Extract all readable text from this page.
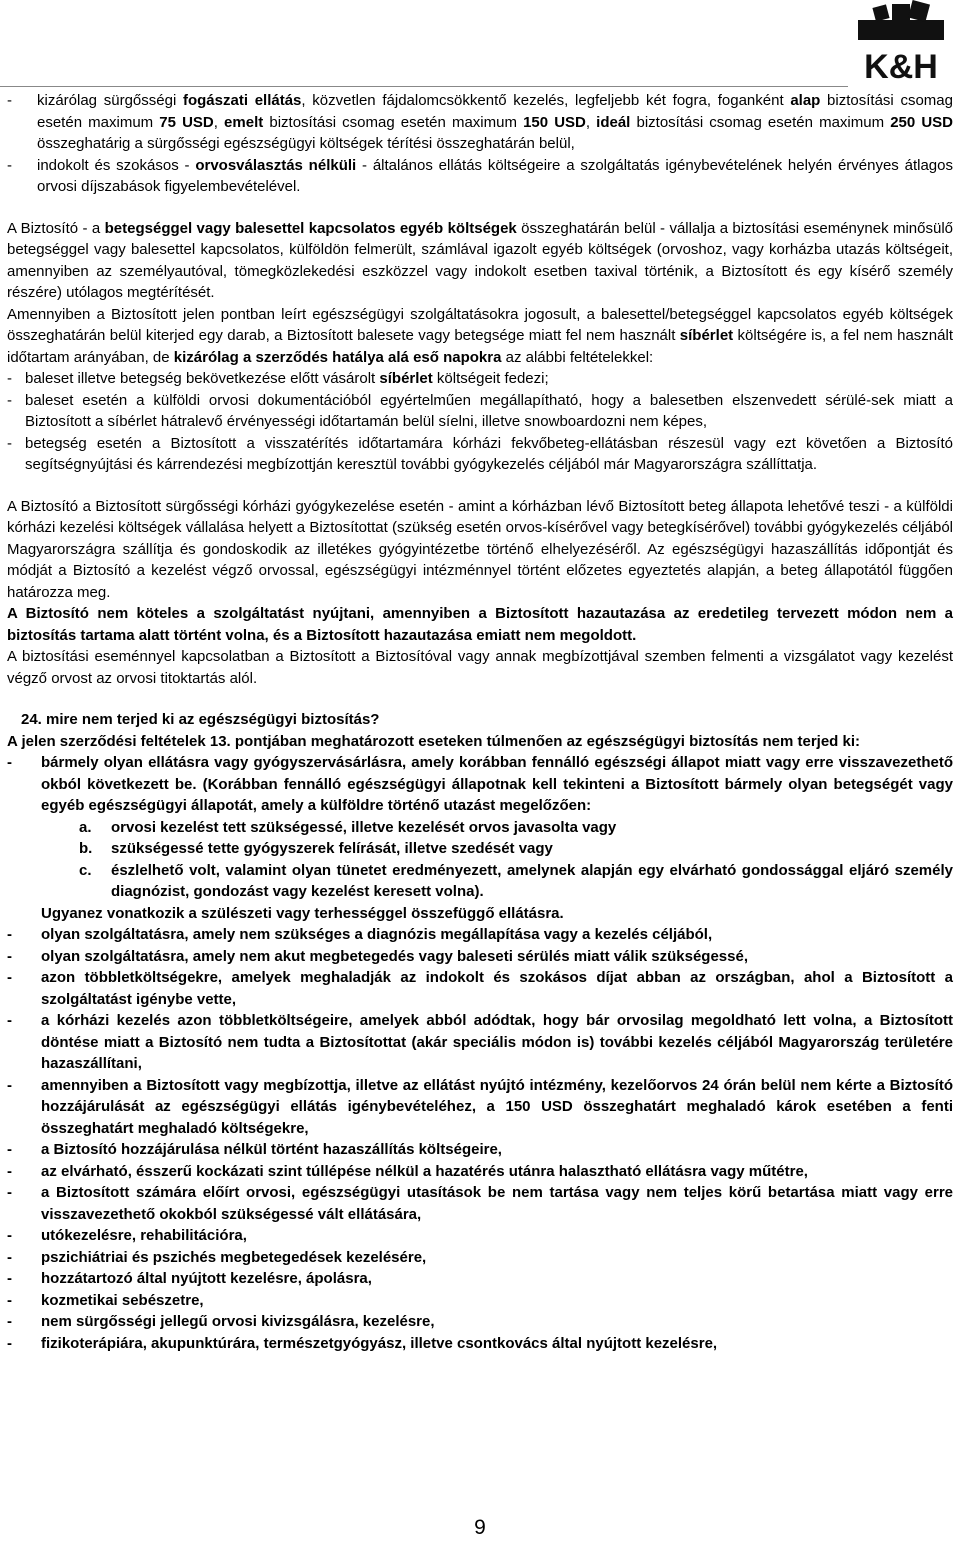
K&H

- kizárólag sürgősségi fogászati ellátás, közvetlen fájdalomcsökkentő kezelés, legfeljebb két fogra, foganként alap biztosítási csomag esetén maximum 75 USD, emelt biztosítási csomag esetén maximum 150 USD, ideál biztosítási csomag esetén maximum 250 USD összeghatárig a sürgősségi egészségügyi költségek térítési összeghatárán belül,

- indokolt és szokásos - orvosválasztás nélküli - általános ellátás költségeire a szolgáltatás igénybevételének helyén érvényes átlagos orvosi díjszabások figyelembevételével.

A Biztosító - a betegséggel vagy balesettel kapcsolatos egyéb költségek összeghatárán belül - vállalja a biztosítási eseménynek minősülő betegséggel vagy balesettel kapcsolatos, külföldön felmerült, számlával igazolt egyéb költségek (orvoshoz, vagy korházba utazás költségeit, amennyiben az személyautóval, tömegközlekedési eszközzel vagy indokolt esetben taxival történik, a Biztosított és egy kísérő személy részére) utólagos megtérítését.

Amennyiben a Biztosított jelen pontban leírt egészségügyi szolgáltatásokra jogosult, a balesettel/betegséggel kapcsolatos egyéb költségek összeghatárán belül kiterjed egy darab, a Biztosított balesete vagy betegsége miatt fel nem használt síbérlet költségére is, a fel nem használt időtartam arányában, de kizárólag a szerződés hatálya alá eső napokra az alábbi feltételekkel:

- baleset illetve betegség bekövetkezése előtt vásárolt síbérlet költségeit fedezi;

- baleset esetén a külföldi orvosi dokumentációból egyértelműen megállapítható, hogy a balesetben elszenvedett sérülé-sek miatt a Biztosított a síbérlet hátralevő érvényességi időtartamán belül síelni, illetve snowboardozni nem képes,

- betegség esetén a Biztosított a visszatérítés időtartamára kórházi fekvőbeteg-ellátásban részesül vagy ezt követően a Biztosító segítségnyújtási és kárrendezési megbízottján keresztül további gyógykezelés céljából már Magyarországra szállíttatja.

A Biztosító a Biztosított sürgősségi kórházi gyógykezelése esetén - amint a kórházban lévő Biztosított beteg állapota lehetővé teszi - a külföldi kórházi kezelési költségek vállalása helyett a Biztosítottat (szükség esetén orvos-kísérővel vagy betegkísérővel) további gyógykezelés céljából Magyarországra szállítja és gondoskodik az illetékes gyógyintézetbe történő elhelyezéséről. Az egészségügyi hazaszállítás időpontját és módját a Biztosító a kezelést végző orvossal, egészségügyi intézménnyel történt előzetes egyeztetés alapján, a beteg állapotától függően határozza meg.

A Biztosító nem köteles a szolgáltatást nyújtani, amennyiben a Biztosított hazautazása az eredetileg tervezett módon nem a biztosítás tartama alatt történt volna, és a Biztosított hazautazása emiatt nem megoldott.

A biztosítási eseménnyel kapcsolatban a Biztosított a Biztosítóval vagy annak megbízottjával szemben felmenti a vizsgálatot vagy kezelést végző orvost az orvosi titoktartás alól.

24. mire nem terjed ki az egészségügyi biztosítás?

A jelen szerződési feltételek 13. pontjában meghatározott eseteken túlmenően az egészségügyi biztosítás nem terjed ki:

- bármely olyan ellátásra vagy gyógyszervásárlásra, amely korábban fennálló egészségi állapot miatt vagy erre visszavezethető okból következett be. (Korábban fennálló egészségügyi állapotnak kell tekinteni a Biztosított bármely olyan betegségét vagy egyéb egészségügyi állapotát, amely a külföldre történő utazást megelőzően:

a. orvosi kezelést tett szükségessé, illetve kezelését orvos javasolta vagy

b. szükségessé tette gyógyszerek felírását, illetve szedését vagy

c. észlelhető volt, valamint olyan tünetet eredményezett, amelynek alapján egy elvárható gondossággal eljáró személy diagnózist, gondozást vagy kezelést keresett volna).

Ugyanez vonatkozik a szülészeti vagy terhességgel összefüggő ellátásra.

- olyan szolgáltatásra, amely nem szükséges a diagnózis megállapítása vagy a kezelés céljából,

- olyan szolgáltatásra, amely nem akut megbetegedés vagy baleseti sérülés miatt válik szükségessé,

- azon többletköltségekre, amelyek meghaladják az indokolt és szokásos díjat abban az országban, ahol a Biztosított a szolgáltatást igénybe vette,

- a kórházi kezelés azon többletköltségeire, amelyek abból adódtak, hogy bár orvosilag megoldható lett volna, a Biztosított döntése miatt a Biztosító nem tudta a Biztosítottat (akár speciális módon is) további kezelés céljából Magyarország területére hazaszállítani,

- amennyiben a Biztosított vagy megbízottja, illetve az ellátást nyújtó intézmény, kezelőorvos 24 órán belül nem kérte a Biztosító hozzájárulását az egészségügyi ellátás igénybevételéhez, a 150 USD összeghatárt meghaladó károk esetében a fenti összeghatárt meghaladó költségekre,

- a Biztosító hozzájárulása nélkül történt hazaszállítás költségeire,

- az elvárható, ésszerű kockázati szint túllépése nélkül a hazatérés utánra halasztható ellátásra vagy műtétre,

- a Biztosított számára előírt orvosi, egészségügyi utasítások be nem tartása vagy nem teljes körű betartása miatt vagy erre visszavezethető okokból szükségessé vált ellátására,

- utókezelésre, rehabilitációra,

- pszichiátriai és pszichés megbetegedések kezelésére,

- hozzátartozó által nyújtott kezelésre, ápolásra,

- kozmetikai sebészetre,

- nem sürgősségi jellegű orvosi kivizsgálásra, kezelésre,

- fizikoterápiára, akupunktúrára, természetgyógyász, illetve csontkovács által nyújtott kezelésre,

9
